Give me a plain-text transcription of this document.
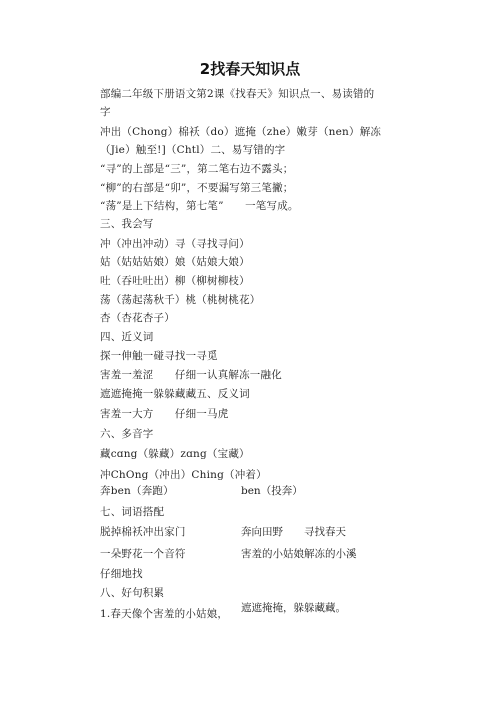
2找春天知识点
部编二年级下册语文第2课《找春天》知识点一、易读错的
字
冲出（Chong）棉袄（do）遮掩（zhe）嫩芽（nen）解冻
（Jie）触至!]（Chtl）二、易写错的字
“寻”的上部是“三”，第二笔右边不露头；
“柳”的右部是“卯”，不要漏写第三笔撇；
“荡”是上下结构，第七笔”　　一笔写成。
三、我会写
冲（冲出冲动）寻（寻找寻问）
姑（姑姑姑娘）娘（姑娘大娘）
吐（吞吐吐出）柳（柳树柳枝）
荡（荡起荡秋千）桃（桃树桃花）
杏（杏花杏子）
四、近义词
探一伸触一碰寻找一寻觅
害羞一羞涩　　仔细一认真解冻一融化
遮遮掩掩一躲躲藏藏五、反义词
害羞一大方　　仔细一马虎
六、多音字
藏cɑng（躲藏）zɑng（宝藏）
冲ChOng（冲出）Ching（冲着）
奔ben（奔跑）
七、词语搭配
脱掉棉袄冲出家门
一朵野花一个音符
仔细地找
八、好句积累
1.春天像个害羞的小姑娘，
ben（投奔）
奔向田野　　寻找春天
害羞的小姑娘解冻的小溪
遮遮掩掩，躲躲藏藏。
